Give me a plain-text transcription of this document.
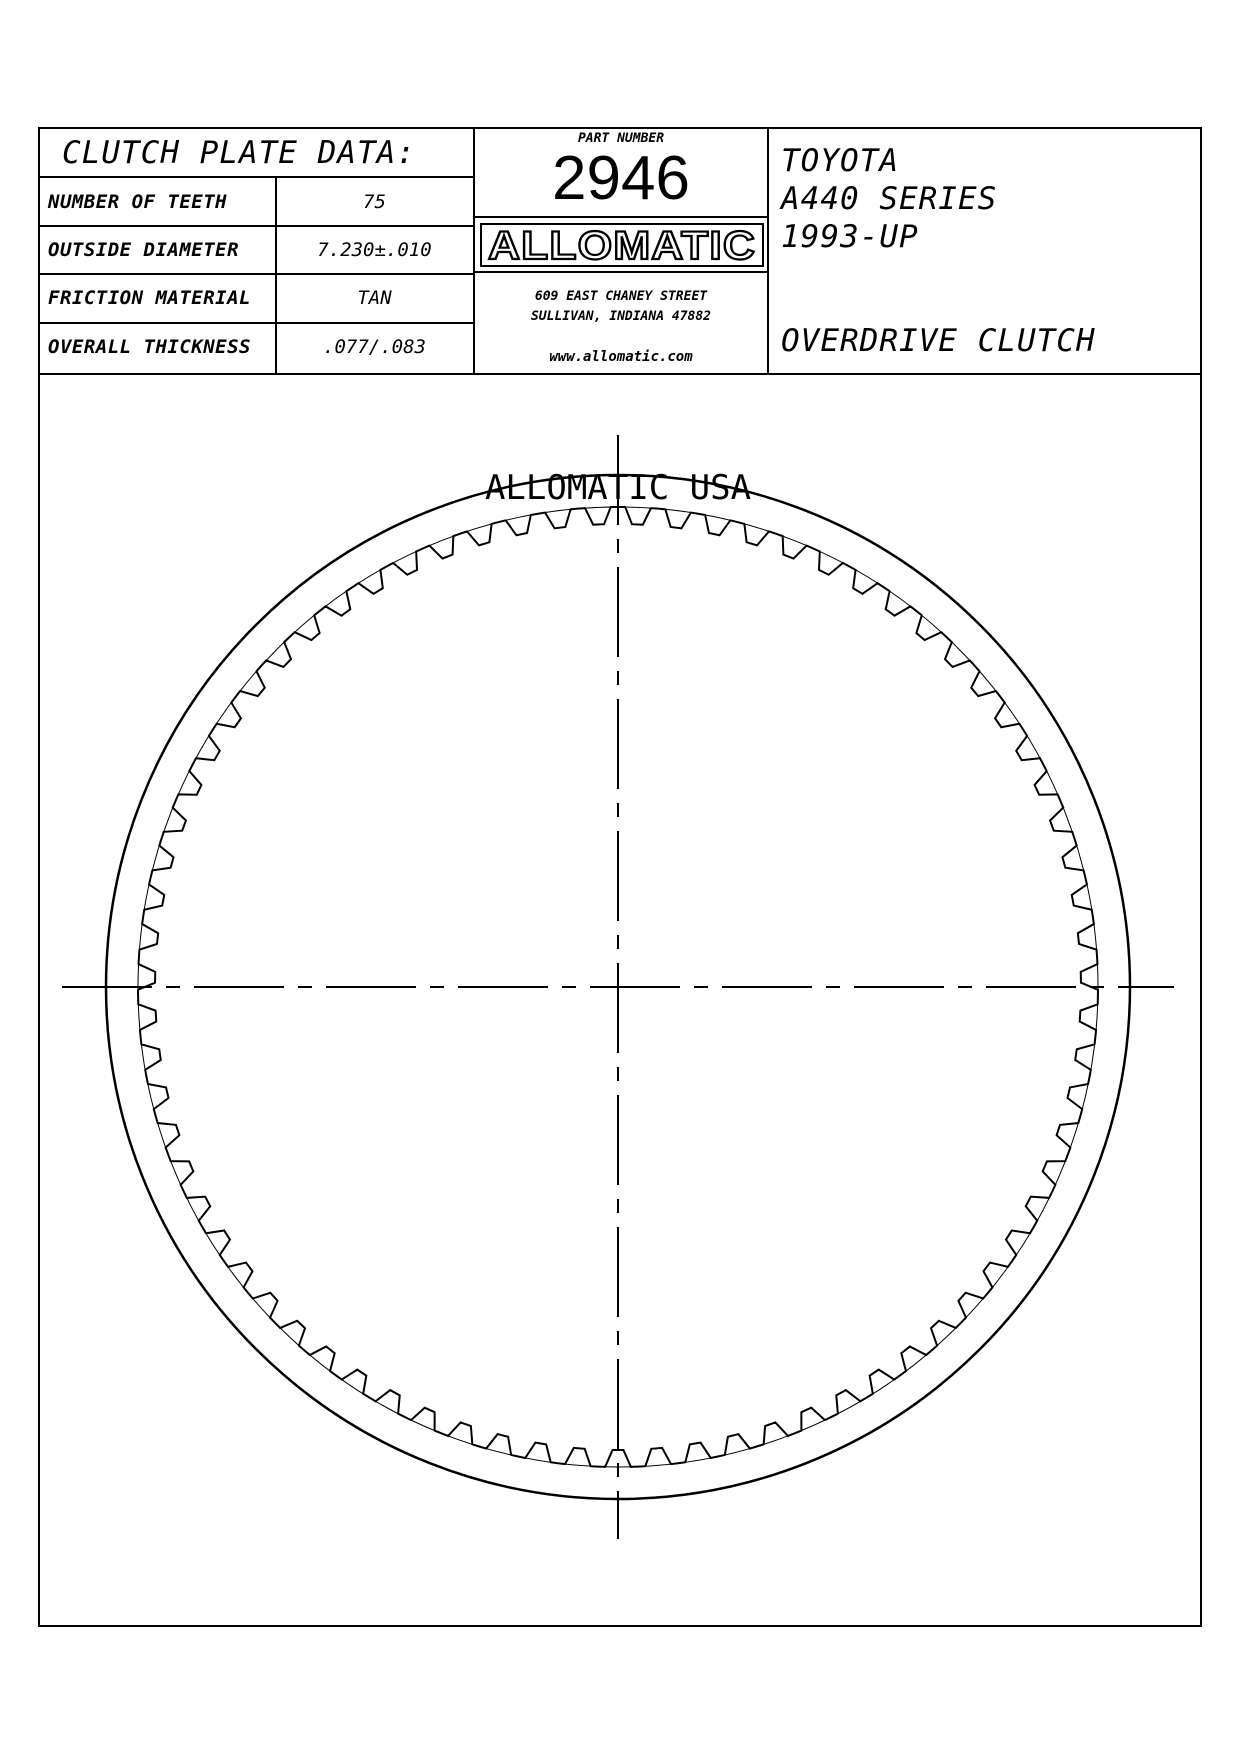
CLUTCH PLATE DATA:
NUMBER OF TEETH	75
OUTSIDE DIAMETER	7.230±.010
FRICTION MATERIAL	TAN
OVERALL THICKNESS	.077/.083
PART NUMBER
2946
ALLOMATIC
609 EAST CHANEY STREET
SULLIVAN, INDIANA 47882
www.allomatic.com
TOYOTA
A440 SERIES
1993-UP
OVERDRIVE CLUTCH
ALLOMATIC USA
